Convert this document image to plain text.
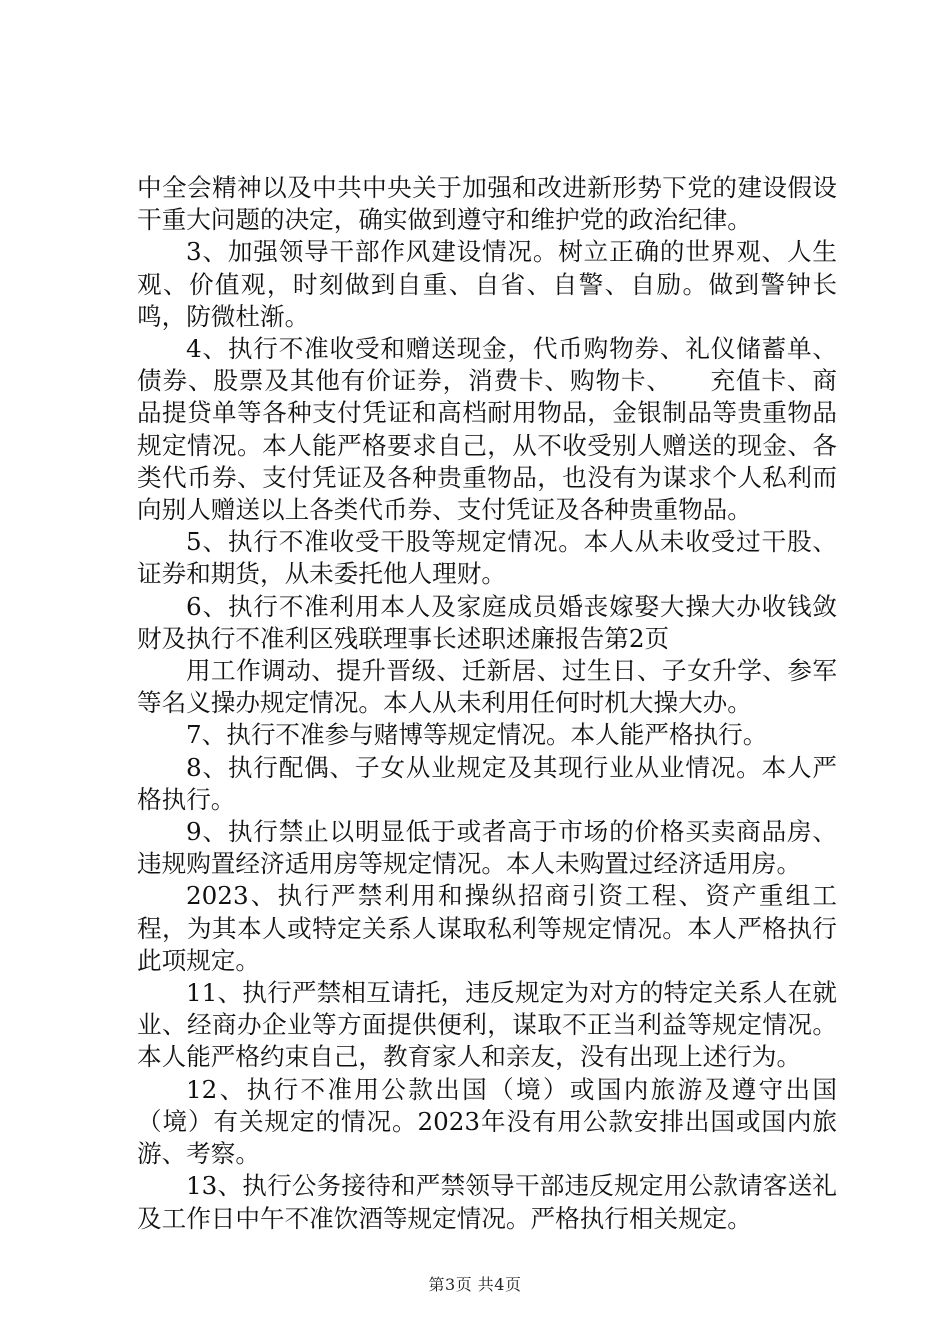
中全会精神以及中共中央关于加强和改进新形势下党的建设假设干重大问题的决定，确实做到遵守和维护党的政治纪律。

3、加强领导干部作风建设情况。树立正确的世界观、人生观、价值观，时刻做到自重、自省、自警、自励。做到警钟长鸣，防微杜渐。

4、执行不准收受和赠送现金，代币购物券、礼仪储蓄单、债券、股票及其他有价证券，消费卡、购物卡、　　充值卡、商品提贷单等各种支付凭证和高档耐用物品，金银制品等贵重物品规定情况。本人能严格要求自己，从不收受别人赠送的现金、各类代币券、支付凭证及各种贵重物品，也没有为谋求个人私利而向别人赠送以上各类代币券、支付凭证及各种贵重物品。

5、执行不准收受干股等规定情况。本人从未收受过干股、证券和期货，从未委托他人理财。

6、执行不准利用本人及家庭成员婚丧嫁娶大操大办收钱敛财及执行不准利区残联理事长述职述廉报告第2页

用工作调动、提升晋级、迁新居、过生日、子女升学、参军等名义操办规定情况。本人从未利用任何时机大操大办。

7、执行不准参与赌博等规定情况。本人能严格执行。

8、执行配偶、子女从业规定及其现行业从业情况。本人严格执行。

9、执行禁止以明显低于或者高于市场的价格买卖商品房、违规购置经济适用房等规定情况。本人未购置过经济适用房。

2023、执行严禁利用和操纵招商引资工程、资产重组工程，为其本人或特定关系人谋取私利等规定情况。本人严格执行此项规定。

11、执行严禁相互请托，违反规定为对方的特定关系人在就业、经商办企业等方面提供便利，谋取不正当利益等规定情况。本人能严格约束自己，教育家人和亲友，没有出现上述行为。

12、执行不准用公款出国（境）或国内旅游及遵守出国（境）有关规定的情况。2023年没有用公款安排出国或国内旅游、考察。

13、执行公务接待和严禁领导干部违反规定用公款请客送礼及工作日中午不准饮酒等规定情况。严格执行相关规定。

第3页 共4页
